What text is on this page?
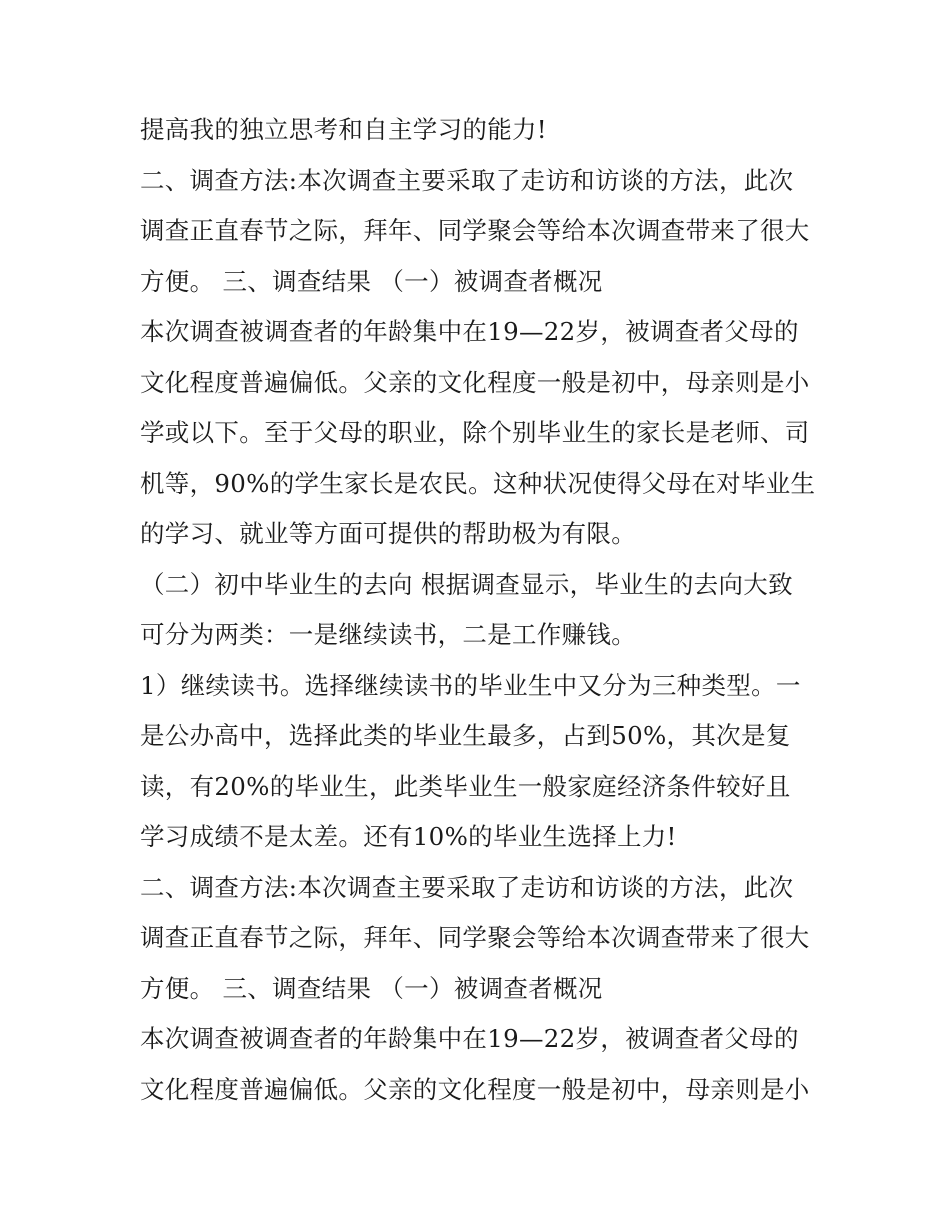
提高我的独立思考和自主学习的能力!
二、调查方法:本次调查主要采取了走访和访谈的方法，此次
调查正直春节之际，拜年、同学聚会等给本次调查带来了很大
方便。 三、调查结果 （一）被调查者概况
本次调查被调查者的年龄集中在19—22岁，被调查者父母的
文化程度普遍偏低。父亲的文化程度一般是初中，母亲则是小
学或以下。至于父母的职业，除个别毕业生的家长是老师、司
机等，90%的学生家长是农民。这种状况使得父母在对毕业生
的学习、就业等方面可提供的帮助极为有限。
（二）初中毕业生的去向 根据调查显示，毕业生的去向大致
可分为两类：一是继续读书，二是工作赚钱。
1）继续读书。选择继续读书的毕业生中又分为三种类型。一
是公办高中，选择此类的毕业生最多，占到50%，其次是复
读，有20%的毕业生，此类毕业生一般家庭经济条件较好且
学习成绩不是太差。还有10%的毕业生选择上力!
二、调查方法:本次调查主要采取了走访和访谈的方法，此次
调查正直春节之际，拜年、同学聚会等给本次调查带来了很大
方便。 三、调查结果 （一）被调查者概况
本次调查被调查者的年龄集中在19—22岁，被调查者父母的
文化程度普遍偏低。父亲的文化程度一般是初中，母亲则是小
